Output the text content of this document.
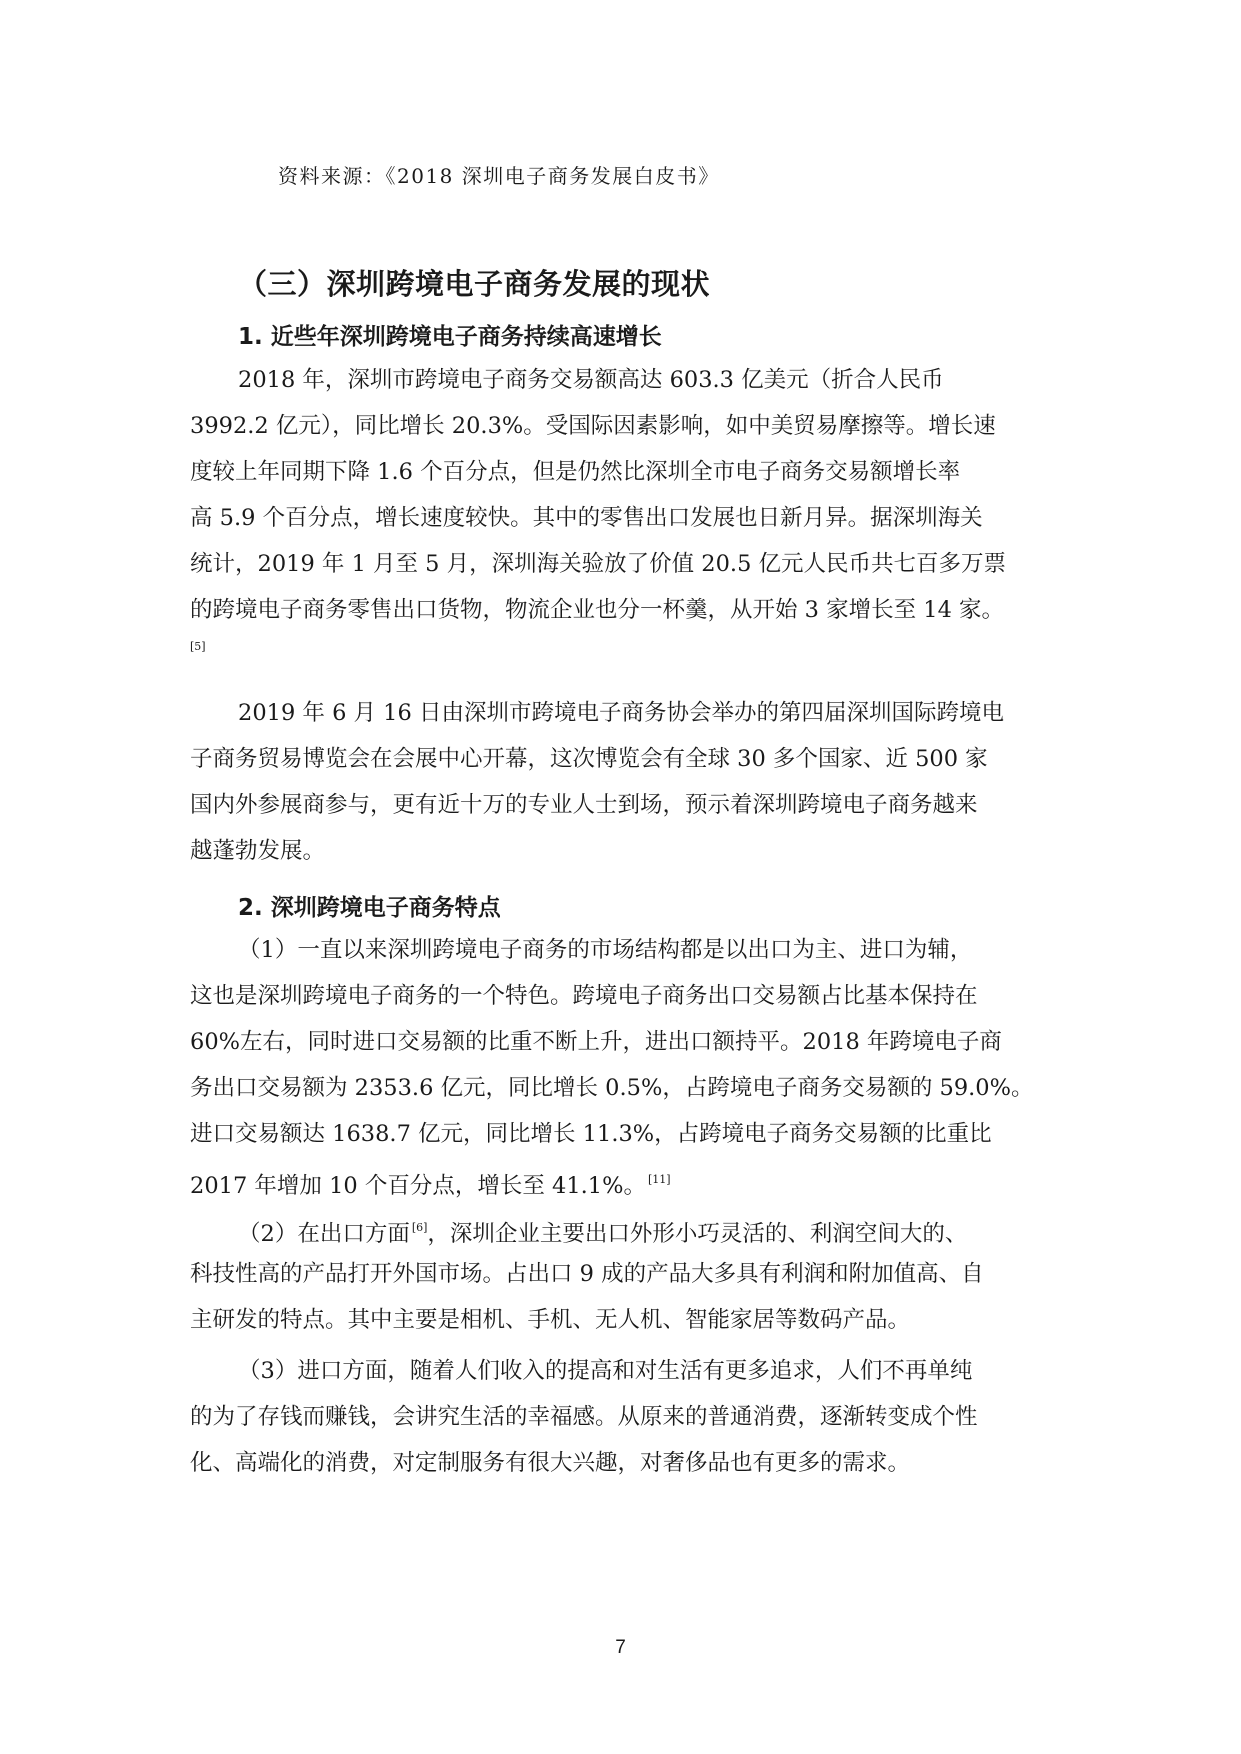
资料来源：《2018 深圳电子商务发展白皮书》
（三）深圳跨境电子商务发展的现状
1. 近些年深圳跨境电子商务持续高速增长
2018 年，深圳市跨境电子商务交易额高达 603.3 亿美元（折合人民币
3992.2 亿元），同比增长 20.3%。受国际因素影响，如中美贸易摩擦等。增长速
度较上年同期下降 1.6 个百分点，但是仍然比深圳全市电子商务交易额增长率
高 5.9 个百分点，增长速度较快。其中的零售出口发展也日新月异。据深圳海关
统计，2019 年 1 月至 5 月，深圳海关验放了价值 20.5 亿元人民币共七百多万票
的跨境电子商务零售出口货物，物流企业也分一杯羹，从开始 3 家增长至 14 家。
[5]
2019 年 6 月 16 日由深圳市跨境电子商务协会举办的第四届深圳国际跨境电
子商务贸易博览会在会展中心开幕，这次博览会有全球 30 多个国家、近 500 家
国内外参展商参与，更有近十万的专业人士到场，预示着深圳跨境电子商务越来
越蓬勃发展。
2. 深圳跨境电子商务特点
（1）一直以来深圳跨境电子商务的市场结构都是以出口为主、进口为辅，
这也是深圳跨境电子商务的一个特色。跨境电子商务出口交易额占比基本保持在
60%左右，同时进口交易额的比重不断上升，进出口额持平。2018 年跨境电子商
务出口交易额为 2353.6 亿元，同比增长 0.5%，占跨境电子商务交易额的 59.0%。
进口交易额达 1638.7 亿元，同比增长 11.3%，占跨境电子商务交易额的比重比
2017 年增加 10 个百分点，增长至 41.1%。 [11]
（2）在出口方面 [6]，深圳企业主要出口外形小巧灵活的、利润空间大的、
科技性高的产品打开外国市场。占出口 9 成的产品大多具有利润和附加值高、自
主研发的特点。其中主要是相机、手机、无人机、智能家居等数码产品。
（3）进口方面，随着人们收入的提高和对生活有更多追求，人们不再单纯
的为了存钱而赚钱，会讲究生活的幸福感。从原来的普通消费，逐渐转变成个性
化、高端化的消费，对定制服务有很大兴趣，对奢侈品也有更多的需求。
7
